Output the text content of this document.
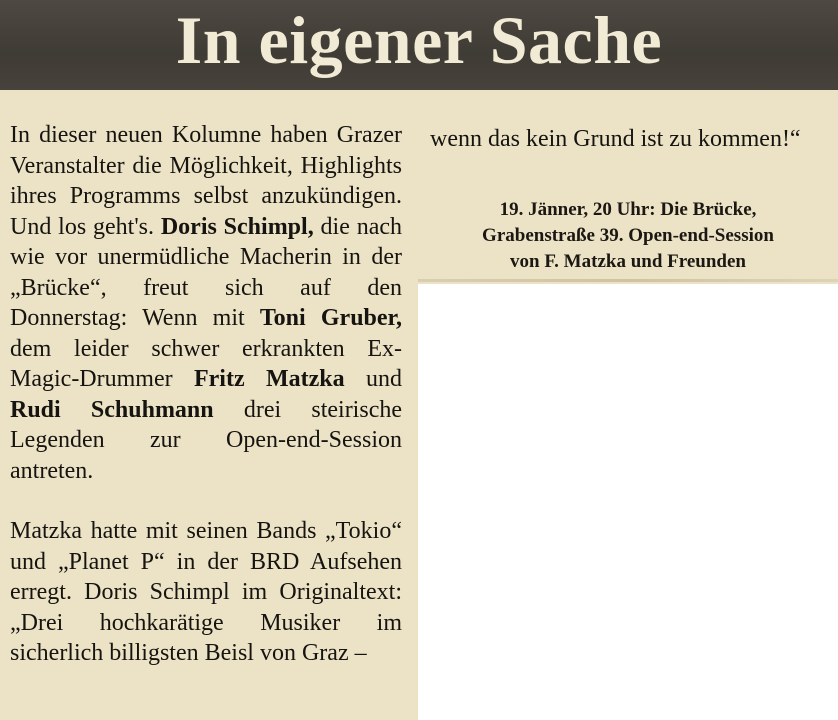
In eigener Sache

In dieser neuen Kolumne haben Grazer Veranstalter die Möglichkeit, Highlights ihres Programms selbst anzukündigen. Und los geht's. Doris Schimpl, die nach wie vor unermüdliche Macherin in der „Brücke“, freut sich auf den Donnerstag: Wenn mit Toni Gruber, dem leider schwer erkrankten Ex-Magic-Drummer Fritz Matzka und Rudi Schuhmann drei steirische Legenden zur Open-end-Session antreten.

Matzka hatte mit seinen Bands „Tokio“ und „Planet P“ in der BRD Aufsehen erregt. Doris Schimpl im Originaltext: „Drei hochkarätige Musiker im sicherlich billigsten Beisl von Graz –

wenn das kein Grund ist zu kommen!“

19. Jänner, 20 Uhr: Die Brücke,
Grabenstraße 39. Open-end-Session
von F. Matzka und Freunden
